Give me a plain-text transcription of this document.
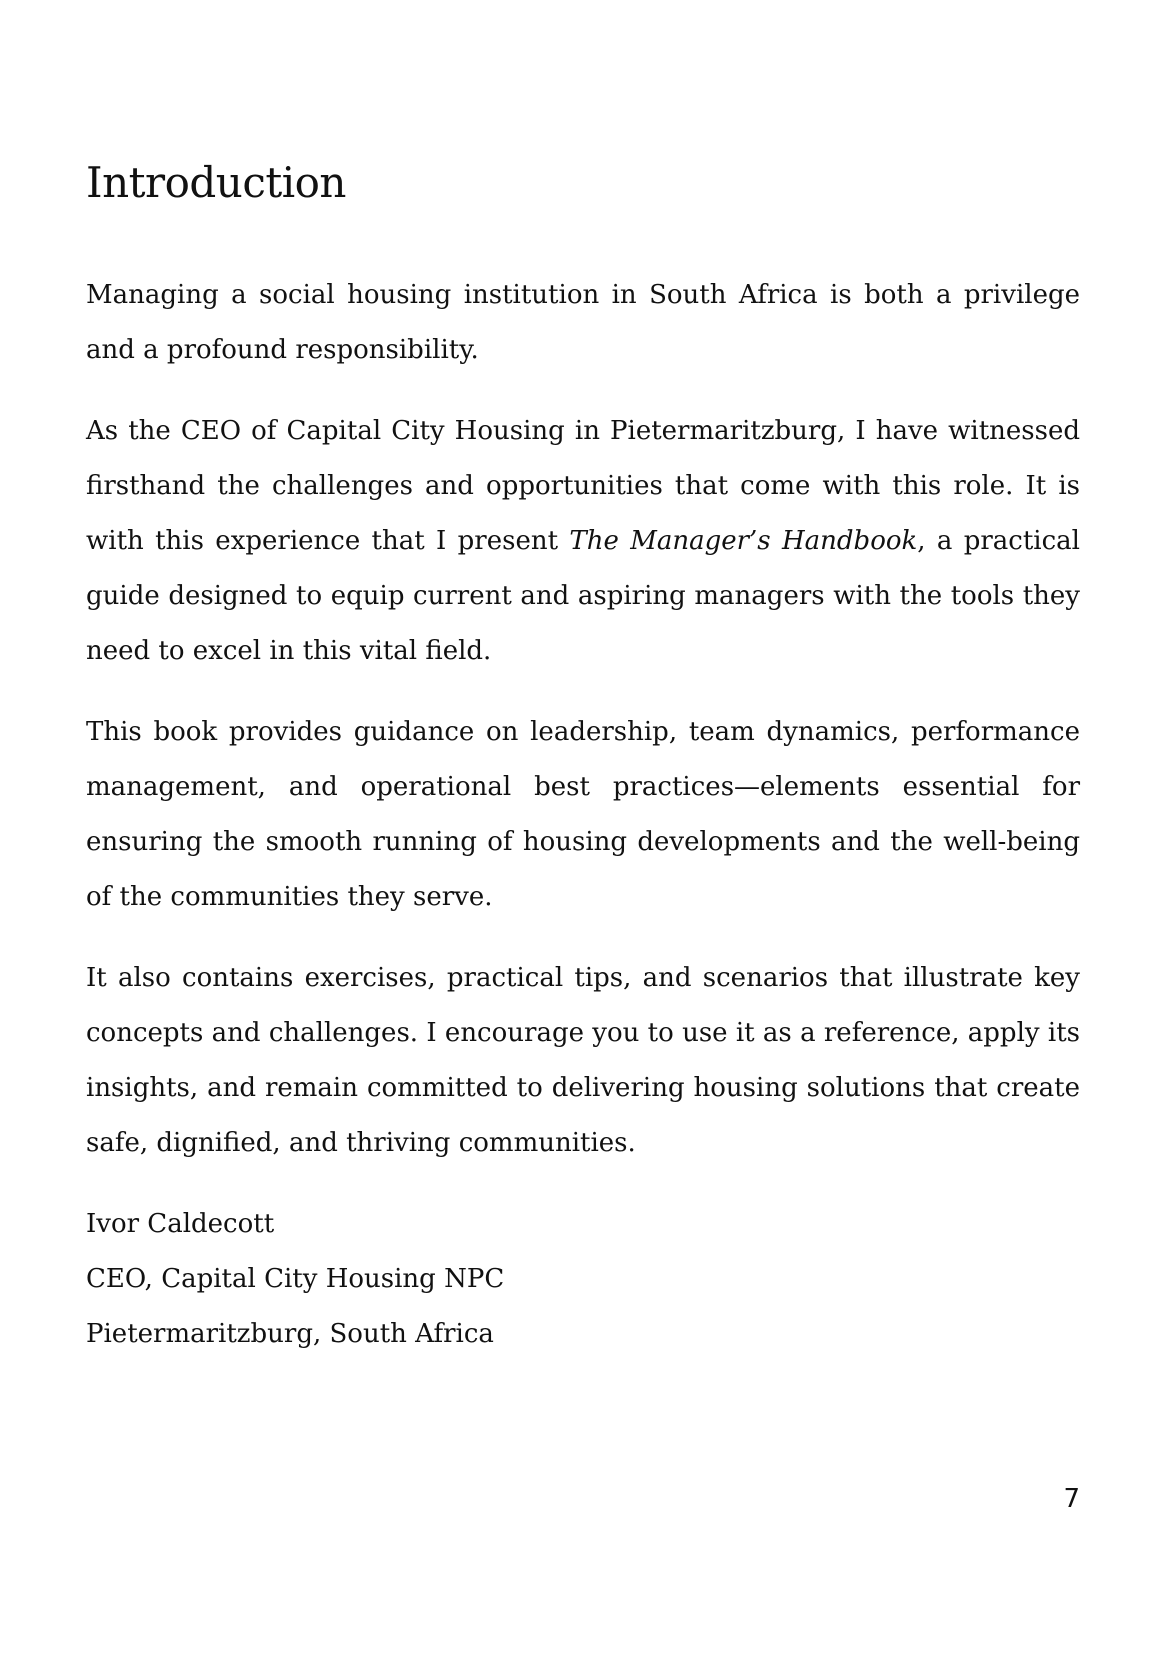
Introduction

Managing a social housing institution in South Africa is both a privilege and a profound responsibility.

As the CEO of Capital City Housing in Pietermaritzburg, I have witnessed firsthand the challenges and opportunities that come with this role. It is with this experience that I present The Manager’s Handbook, a practical guide designed to equip current and aspiring managers with the tools they need to excel in this vital field.

This book provides guidance on leadership, team dynamics, performance management, and operational best practices—elements essential for ensuring the smooth running of housing developments and the well-being of the communities they serve.

It also contains exercises, practical tips, and scenarios that illustrate key concepts and challenges. I encourage you to use it as a reference, apply its insights, and remain committed to delivering housing solutions that create safe, dignified, and thriving communities.

Ivor Caldecott
CEO, Capital City Housing NPC
Pietermaritzburg, South Africa
7
